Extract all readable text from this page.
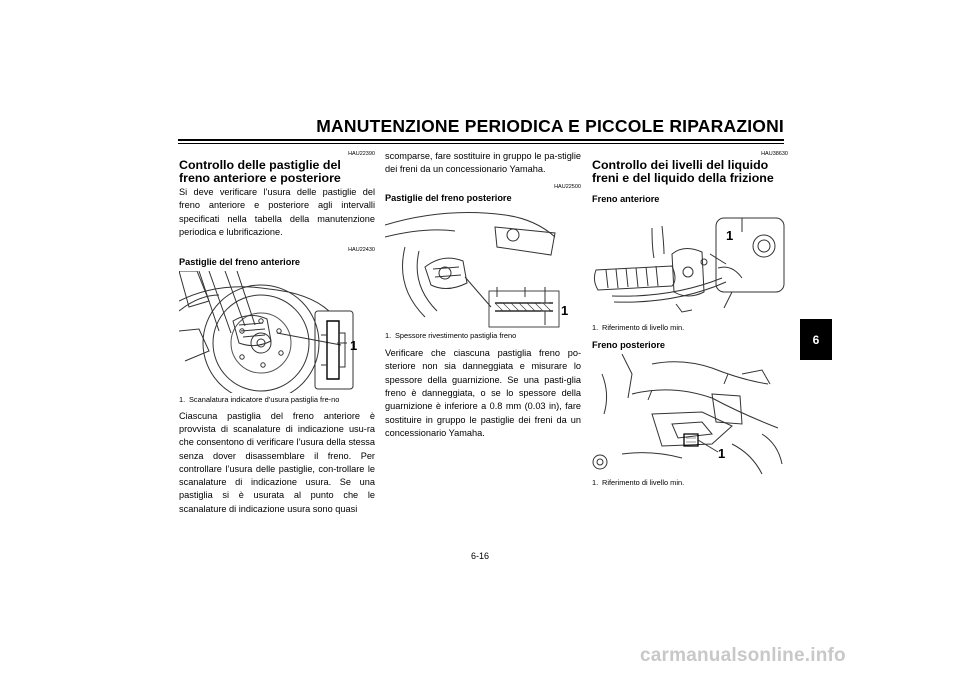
MANUTENZIONE PERIODICA E PICCOLE RIPARAZIONI
HAU22390
Controllo delle pastiglie del freno anteriore e posteriore
Si deve verificare l’usura delle pastiglie del freno anteriore e posteriore agli intervalli specificati nella tabella della manutenzione periodica e lubrificazione.
HAU22430
Pastiglie del freno anteriore
1
1. Scanalatura indicatore d’usura pastiglia fre-no
Ciascuna pastiglia del freno anteriore è provvista di scanalature di indicazione usu-ra che consentono di verificare l’usura della stessa senza dover disassemblare il freno. Per controllare l’usura delle pastiglie, con-trollare le scanalature di indicazione usura. Se una pastiglia si è usurata al punto che le scanalature di indicazione usura sono quasi
scomparse, fare sostituire in gruppo le pa-stiglie dei freni da un concessionario Yamaha.
HAU22500
Pastiglie del freno posteriore
1
1. Spessore rivestimento pastiglia freno
Verificare che ciascuna pastiglia freno po-steriore non sia danneggiata e misurare lo spessore della guarnizione. Se una pasti-glia freno è danneggiata, o se lo spessore della guarnizione è inferiore a 0.8 mm (0.03 in), fare sostituire in gruppo le pastiglie dei freni da un concessionario Yamaha.
HAU38630
Controllo dei livelli del liquido freni e del liquido della frizione
Freno anteriore
1
1. Riferimento di livello min.
Freno posteriore
1
1. Riferimento di livello min.
6
6-16
carmanualsonline.info
